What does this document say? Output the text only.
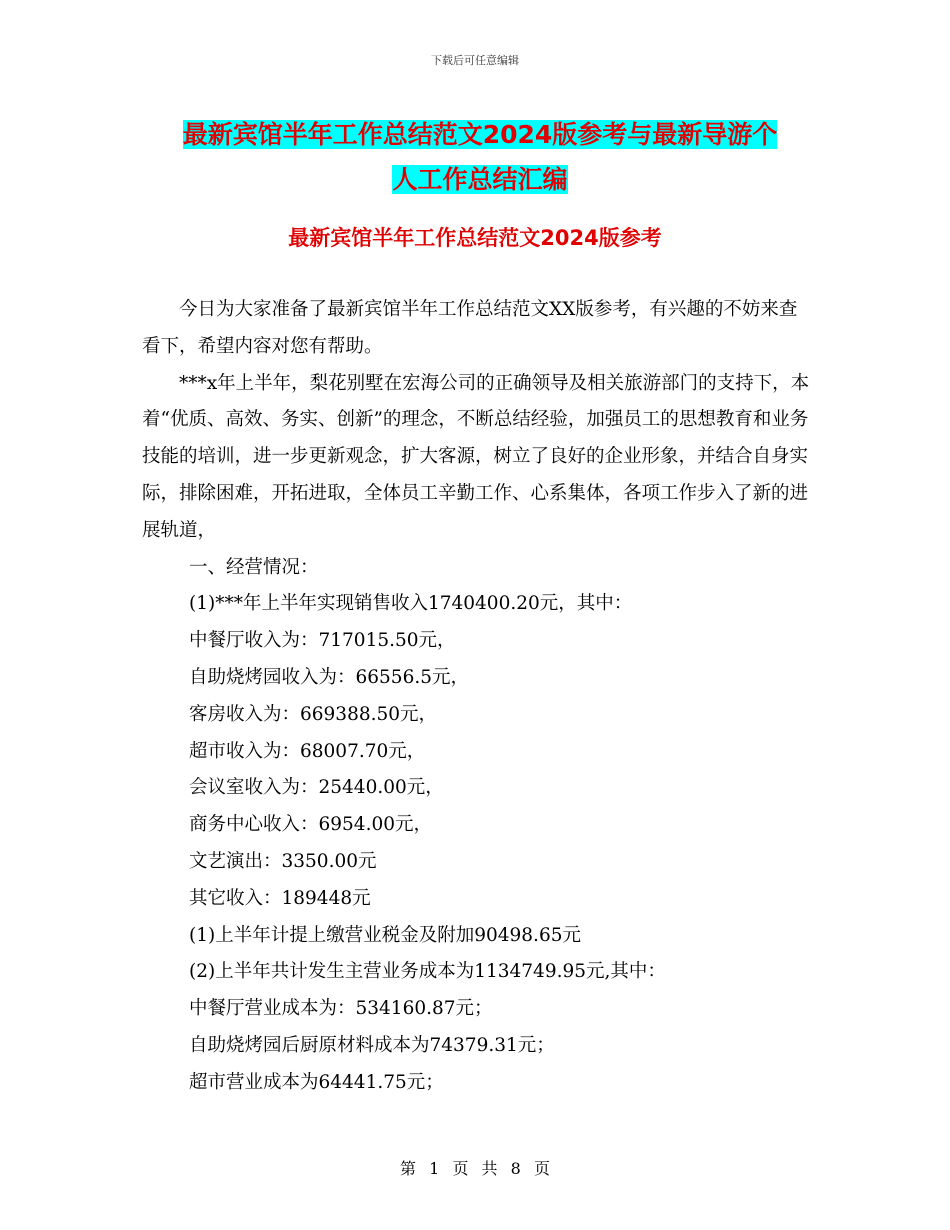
下载后可任意编辑
最新宾馆半年工作总结范文2024版参考与最新导游个
人工作总结汇编
最新宾馆半年工作总结范文2024版参考

今日为大家准备了最新宾馆半年工作总结范文XX版参考，有兴趣的不妨来查看下，希望内容对您有帮助。

***x年上半年，梨花别墅在宏海公司的正确领导及相关旅游部门的支持下，本着“优质、高效、务实、创新”的理念，不断总结经验，加强员工的思想教育和业务技能的培训，进一步更新观念，扩大客源，树立了良好的企业形象，并结合自身实际，排除困难，开拓进取，全体员工辛勤工作、心系集体，各项工作步入了新的进展轨道，

一、经营情况：

(1)***年上半年实现销售收入1740400.20元，其中：

中餐厅收入为：717015.50元，

自助烧烤园收入为：66556.5元，

客房收入为：669388.50元，

超市收入为：68007.70元，

会议室收入为：25440.00元，

商务中心收入：6954.00元，

文艺演出：3350.00元

其它收入：189448元

(1)上半年计提上缴营业税金及附加90498.65元

(2)上半年共计发生主营业务成本为1134749.95元,其中：

中餐厅营业成本为：534160.87元；

自助烧烤园后厨原材料成本为74379.31元；

超市营业成本为64441.75元；

第 1 页 共 8 页
